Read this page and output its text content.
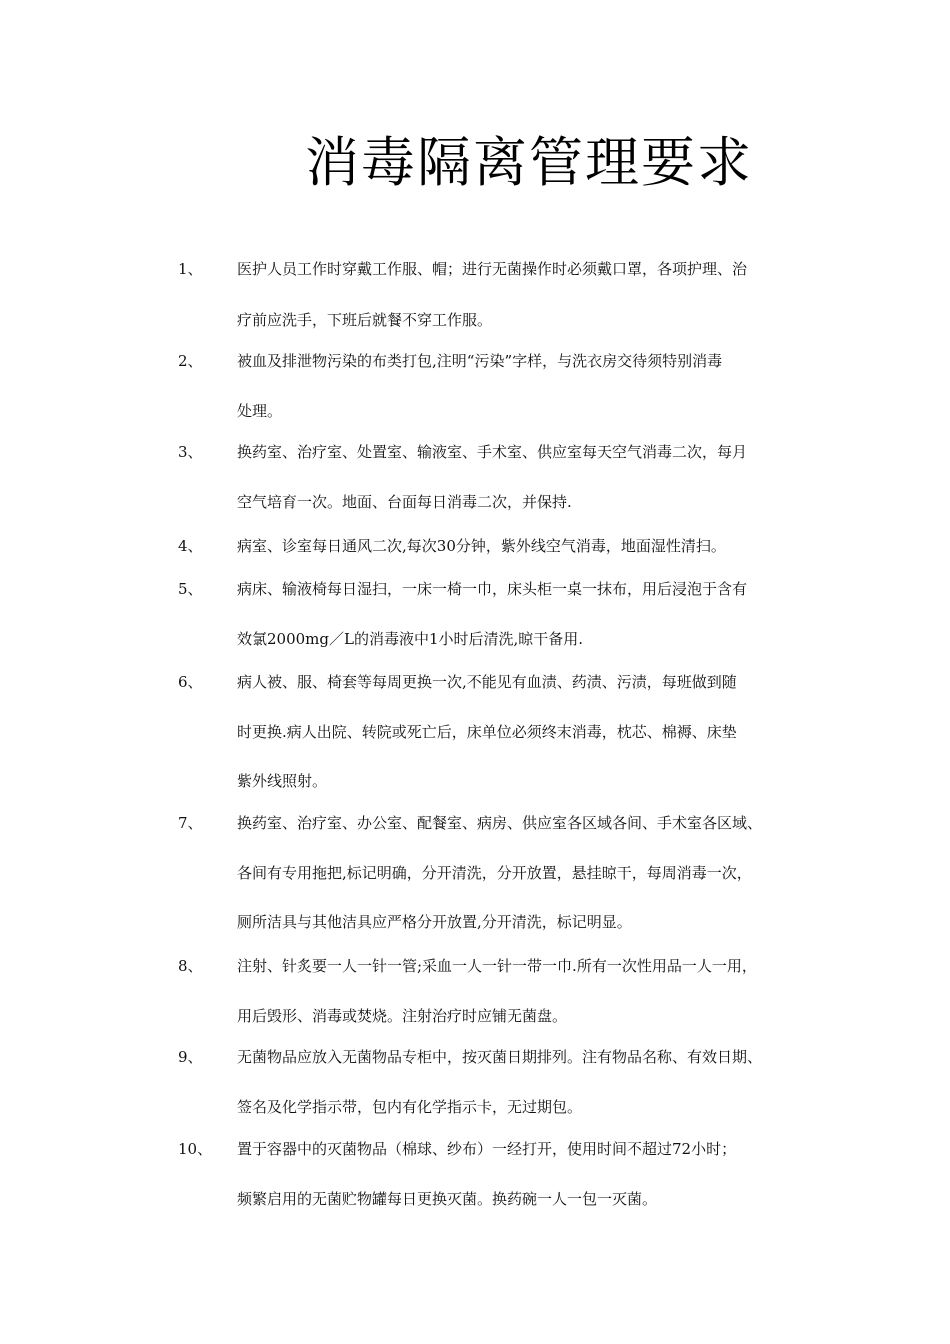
消毒隔离管理要求
1、 医护人员工作时穿戴工作服、帽；进行无菌操作时必须戴口罩，各项护理、治
疗前应洗手，下班后就餐不穿工作服。
2、 被血及排泄物污染的布类打包,注明“污染”字样，与洗衣房交待须特别消毒
处理。
3、 换药室、治疗室、处置室、输液室、手术室、供应室每天空气消毒二次，每月
空气培育一次。地面、台面每日消毒二次，并保持.
4、 病室、诊室每日通风二次,每次30分钟，紫外线空气消毒，地面湿性清扫。
5、 病床、输液椅每日湿扫，一床一椅一巾，床头柜一桌一抹布，用后浸泡于含有
效氯2000mg／L的消毒液中1小时后清洗,晾干备用.
6、 病人被、服、椅套等每周更换一次,不能见有血渍、药渍、污渍，每班做到随
时更换.病人出院、转院或死亡后，床单位必须终末消毒，枕芯、棉褥、床垫
紫外线照射。
7、 换药室、治疗室、办公室、配餐室、病房、供应室各区域各间、手术室各区域、
各间有专用拖把,标记明确，分开清洗，分开放置，悬挂晾干，每周消毒一次，
厕所洁具与其他洁具应严格分开放置,分开清洗，标记明显。
8、 注射、针炙要一人一针一管;采血一人一针一带一巾.所有一次性用品一人一用，
用后毁形、消毒或焚烧。注射治疗时应铺无菌盘。
9、 无菌物品应放入无菌物品专柜中，按灭菌日期排列。注有物品名称、有效日期、
签名及化学指示带，包内有化学指示卡，无过期包。
10、 置于容器中的灭菌物品（棉球、纱布）一经打开，使用时间不超过72小时；
频繁启用的无菌贮物罐每日更换灭菌。换药碗一人一包一灭菌。
